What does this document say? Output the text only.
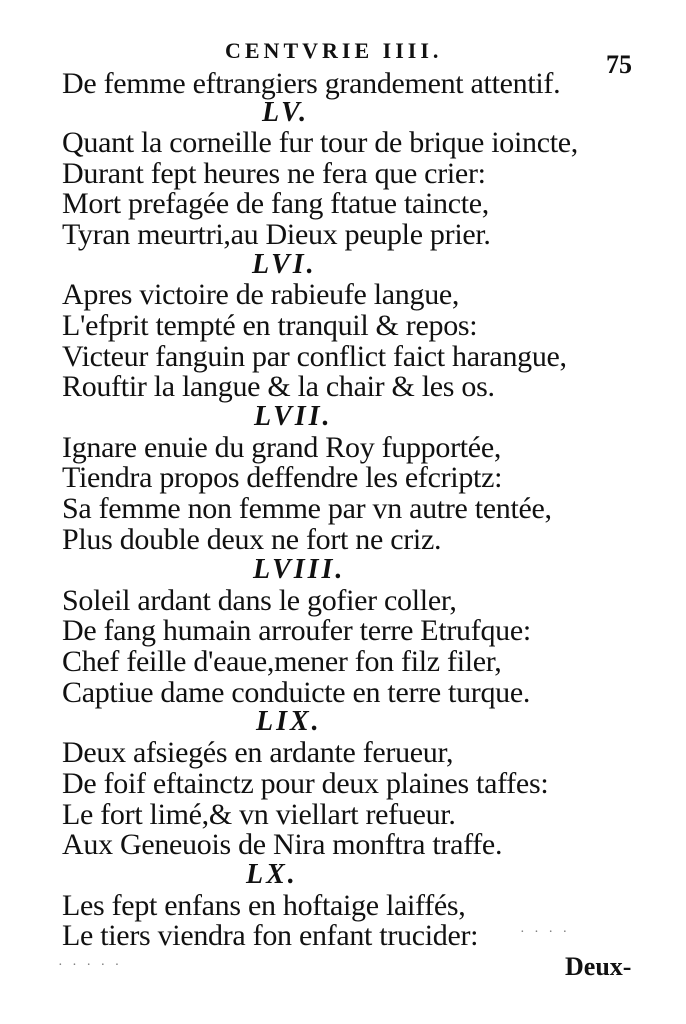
CENTVRIE IIII.	75
De femme eftrangiers grandement attentif.
LV.
Quant la corneille fur tour de brique ioincte,
Durant fept heures ne fera que crier:
Mort prefagée de fang ftatue taincte,
Tyran meurtri,au Dieux peuple prier.
LVI.
Apres victoire de rabieufe langue,
L'efprit tempté en tranquil & repos:
Victeur fanguin par conflict faict harangue,
Rouftir la langue & la chair & les os.
LVII.
Ignare enuie du grand Roy fupportée,
Tiendra propos deffendre les efcriptz:
Sa femme non femme par vn autre tentée,
Plus double deux ne fort ne criz.
LVIII.
Soleil ardant dans le gofier coller,
De fang humain arroufer terre Etrufque:
Chef feille d'eaue,mener fon filz filer,
Captiue dame conduicte en terre turque.
LIX.
Deux afsiegés en ardante ferueur,
De foif eftainctz pour deux plaines taffes:
Le fort limé,& vn viellart refueur.
Aux Geneuois de Nira monftra traffe.
LX.
Les fept enfans en hoftaige laiffés,
Le tiers viendra fon enfant trucider:
Deux-
· · · · ·
· · · ·
